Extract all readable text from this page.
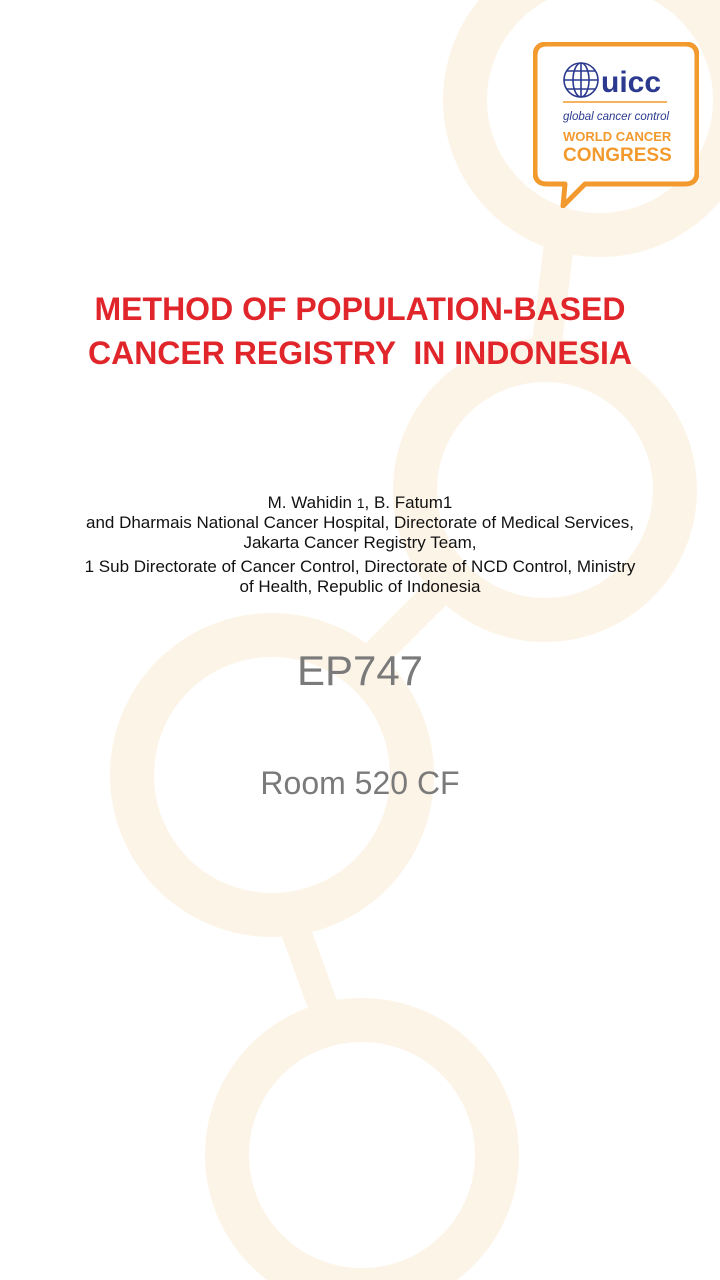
uicc
global cancer control
WORLD CANCER
CONGRESS
METHOD OF POPULATION-BASED
CANCER REGISTRY  IN INDONESIA
M. Wahidin 1, B. Fatum1
and Dharmais National Cancer Hospital, Directorate of Medical Services,
Jakarta Cancer Registry Team,
1 Sub Directorate of Cancer Control, Directorate of NCD Control, Ministry
of Health, Republic of Indonesia
EP747
Room 520 CF
